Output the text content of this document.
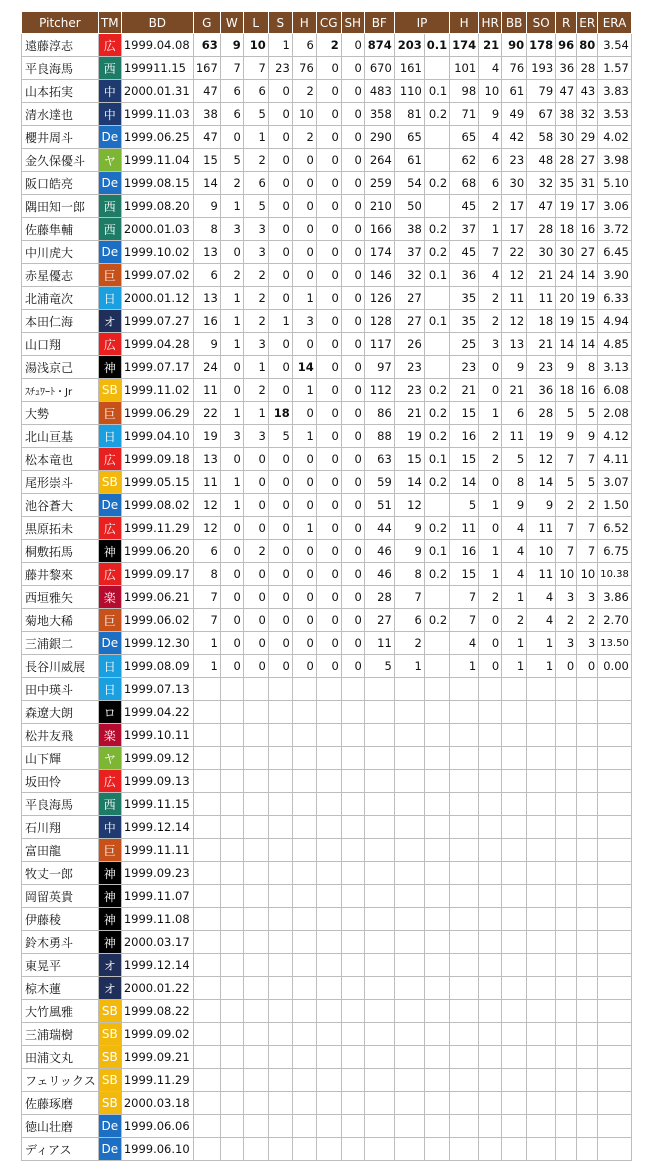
Pitcher	TM	BD	G	W	L	S	H	CG	SH	BF	IP		H	HR	BB	SO	R	ER	ERA
遠藤淳志	広	1999.04.08	63	9	10	1	6	2	0	874	203	0.1	174	21	90	178	96	80	3.54
平良海馬	西	199911.15	167	7	7	23	76	0	0	670	161		101	4	76	193	36	28	1.57
山本拓実	中	2000.01.31	47	6	6	0	2	0	0	483	110	0.1	98	10	61	79	47	43	3.83
清水達也	中	1999.11.03	38	6	5	0	10	0	0	358	81	0.2	71	9	49	67	38	32	3.53
櫻井周斗	De	1999.06.25	47	0	1	0	2	0	0	290	65		65	4	42	58	30	29	4.02
金久保優斗	ヤ	1999.11.04	15	5	2	0	0	0	0	264	61		62	6	23	48	28	27	3.98
阪口皓亮	De	1999.08.15	14	2	6	0	0	0	0	259	54	0.2	68	6	30	32	35	31	5.10
隅田知一郎	西	1999.08.20	9	1	5	0	0	0	0	210	50		45	2	17	47	19	17	3.06
佐藤隼輔	西	2000.01.03	8	3	3	0	0	0	0	166	38	0.2	37	1	17	28	18	16	3.72
中川虎大	De	1999.10.02	13	0	3	0	0	0	0	174	37	0.2	45	7	22	30	30	27	6.45
赤星優志	巨	1999.07.02	6	2	2	0	0	0	0	146	32	0.1	36	4	12	21	24	14	3.90
北浦竜次	日	2000.01.12	13	1	2	0	1	0	0	126	27		35	2	11	11	20	19	6.33
本田仁海	オ	1999.07.27	16	1	2	1	3	0	0	128	27	0.1	35	2	12	18	19	15	4.94
山口翔	広	1999.04.28	9	1	3	0	0	0	0	117	26		25	3	13	21	14	14	4.85
湯浅京己	神	1999.07.17	24	0	1	0	14	0	0	97	23		23	0	9	23	9	8	3.13
ｽﾁｭﾜｰﾄ・Jr	SB	1999.11.02	11	0	2	0	1	0	0	112	23	0.2	21	0	21	36	18	16	6.08
大勢	巨	1999.06.29	22	1	1	18	0	0	0	86	21	0.2	15	1	6	28	5	5	2.08
北山亘基	日	1999.04.10	19	3	3	5	1	0	0	88	19	0.2	16	2	11	19	9	9	4.12
松本竜也	広	1999.09.18	13	0	0	0	0	0	0	63	15	0.1	15	2	5	12	7	7	4.11
尾形崇斗	SB	1999.05.15	11	1	0	0	0	0	0	59	14	0.2	14	0	8	14	5	5	3.07
池谷蒼大	De	1999.08.02	12	1	0	0	0	0	0	51	12		5	1	9	9	2	2	1.50
黒原拓未	広	1999.11.29	12	0	0	0	1	0	0	44	9	0.2	11	0	4	11	7	7	6.52
桐敷拓馬	神	1999.06.20	6	0	2	0	0	0	0	46	9	0.1	16	1	4	10	7	7	6.75
藤井黎來	広	1999.09.17	8	0	0	0	0	0	0	46	8	0.2	15	1	4	11	10	10	10.38
西垣雅矢	楽	1999.06.21	7	0	0	0	0	0	0	28	7		7	2	1	4	3	3	3.86
菊地大稀	巨	1999.06.02	7	0	0	0	0	0	0	27	6	0.2	7	0	2	4	2	2	2.70
三浦銀二	De	1999.12.30	1	0	0	0	0	0	0	11	2		4	0	1	1	3	3	13.50
長谷川威展	日	1999.08.09	1	0	0	0	0	0	0	5	1		1	0	1	1	0	0	0.00
田中瑛斗	日	1999.07.13																	
森遼大朗	ロ	1999.04.22																	
松井友飛	楽	1999.10.11																	
山下輝	ヤ	1999.09.12																	
坂田怜	広	1999.09.13																	
平良海馬	西	1999.11.15																	
石川翔	中	1999.12.14																	
富田龍	巨	1999.11.11																	
牧丈一郎	神	1999.09.23																	
岡留英貴	神	1999.11.07																	
伊藤稜	神	1999.11.08																	
鈴木勇斗	神	2000.03.17																	
東晃平	オ	1999.12.14																	
椋木蓮	オ	2000.01.22																	
大竹風雅	SB	1999.08.22																	
三浦瑞樹	SB	1999.09.02																	
田浦文丸	SB	1999.09.21																	
フェリックス	SB	1999.11.29																	
佐藤琢磨	SB	2000.03.18																	
徳山壮磨	De	1999.06.06																	
ディアス	De	1999.06.10																	
